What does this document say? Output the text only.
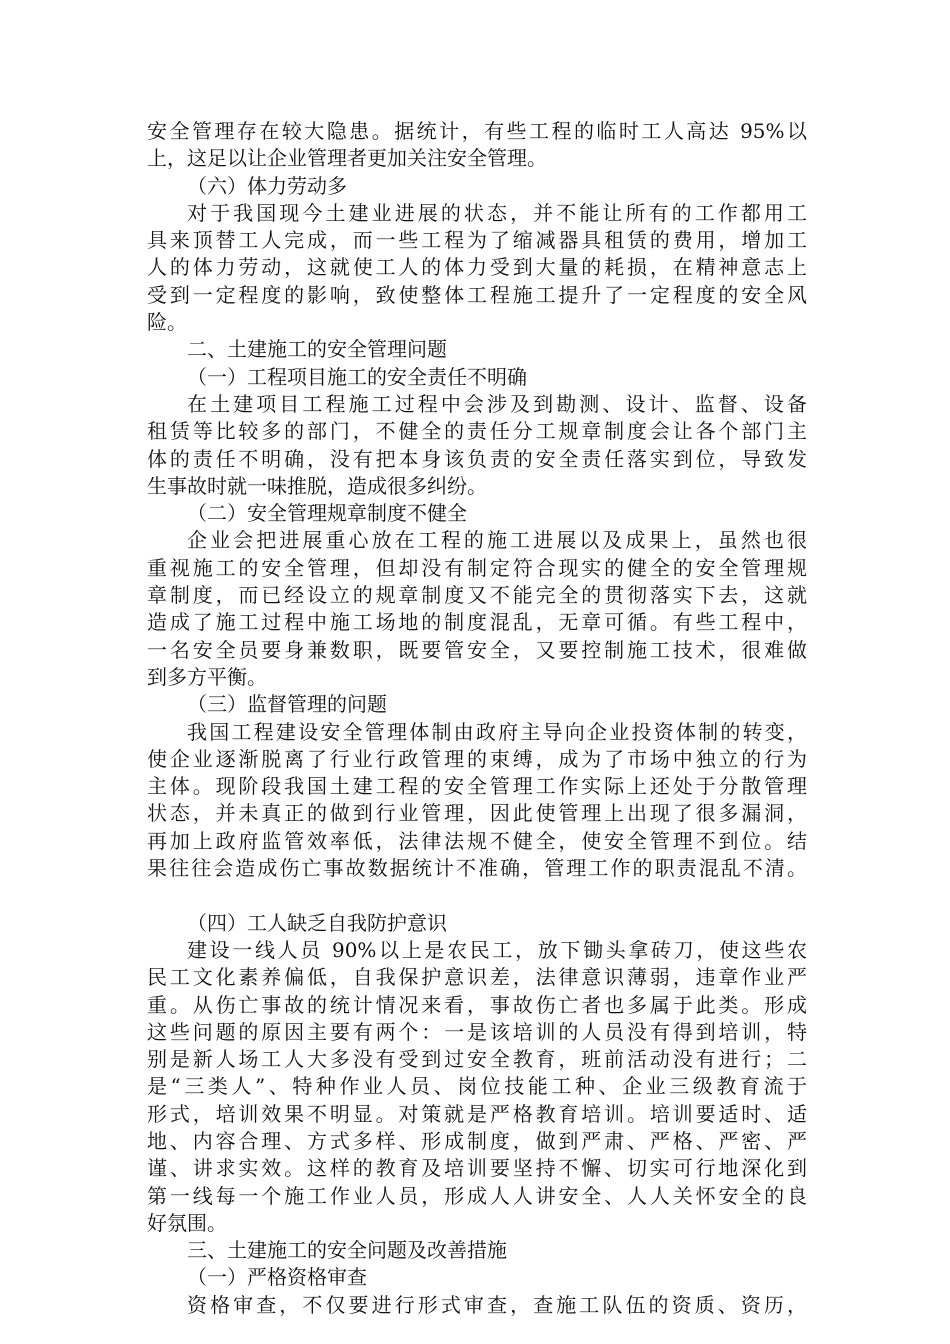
安全管理存在较大隐患。据统计，有些工程的临时工人高达 95%以
上，这足以让企业管理者更加关注安全管理。
（六）体力劳动多
对于我国现今土建业进展的状态，并不能让所有的工作都用工
具来顶替工人完成，而一些工程为了缩减器具租赁的费用，增加工
人的体力劳动，这就使工人的体力受到大量的耗损，在精神意志上
受到一定程度的影响，致使整体工程施工提升了一定程度的安全风
险。
二、土建施工的安全管理问题
（一）工程项目施工的安全责任不明确
在土建项目工程施工过程中会涉及到勘测、设计、监督、设备
租赁等比较多的部门，不健全的责任分工规章制度会让各个部门主
体的责任不明确，没有把本身该负责的安全责任落实到位，导致发
生事故时就一味推脱，造成很多纠纷。
（二）安全管理规章制度不健全
企业会把进展重心放在工程的施工进展以及成果上，虽然也很
重视施工的安全管理，但却没有制定符合现实的健全的安全管理规
章制度，而已经设立的规章制度又不能完全的贯彻落实下去，这就
造成了施工过程中施工场地的制度混乱，无章可循。有些工程中，
一名安全员要身兼数职，既要管安全，又要控制施工技术，很难做
到多方平衡。
（三）监督管理的问题
我国工程建设安全管理体制由政府主导向企业投资体制的转变，
使企业逐渐脱离了行业行政管理的束缚，成为了市场中独立的行为
主体。现阶段我国土建工程的安全管理工作实际上还处于分散管理
状态，并未真正的做到行业管理，因此使管理上出现了很多漏洞，
再加上政府监管效率低，法律法规不健全，使安全管理不到位。结
果往往会造成伤亡事故数据统计不准确，管理工作的职责混乱不清。
（四）工人缺乏自我防护意识
建设一线人员 90%以上是农民工，放下锄头拿砖刀，使这些农
民工文化素养偏低，自我保护意识差，法律意识薄弱，违章作业严
重。从伤亡事故的统计情况来看，事故伤亡者也多属于此类。形成
这些问题的原因主要有两个：一是该培训的人员没有得到培训，特
别是新人场工人大多没有受到过安全教育，班前活动没有进行；二
是“三类人”、特种作业人员、岗位技能工种、企业三级教育流于
形式，培训效果不明显。对策就是严格教育培训。培训要适时、适
地、内容合理、方式多样、形成制度，做到严肃、严格、严密、严
谨、讲求实效。这样的教育及培训要坚持不懈、切实可行地深化到
第一线每一个施工作业人员，形成人人讲安全、人人关怀安全的良
好氛围。
三、土建施工的安全问题及改善措施
（一）严格资格审查
资格审查，不仅要进行形式审查，查施工队伍的资质、资历，
